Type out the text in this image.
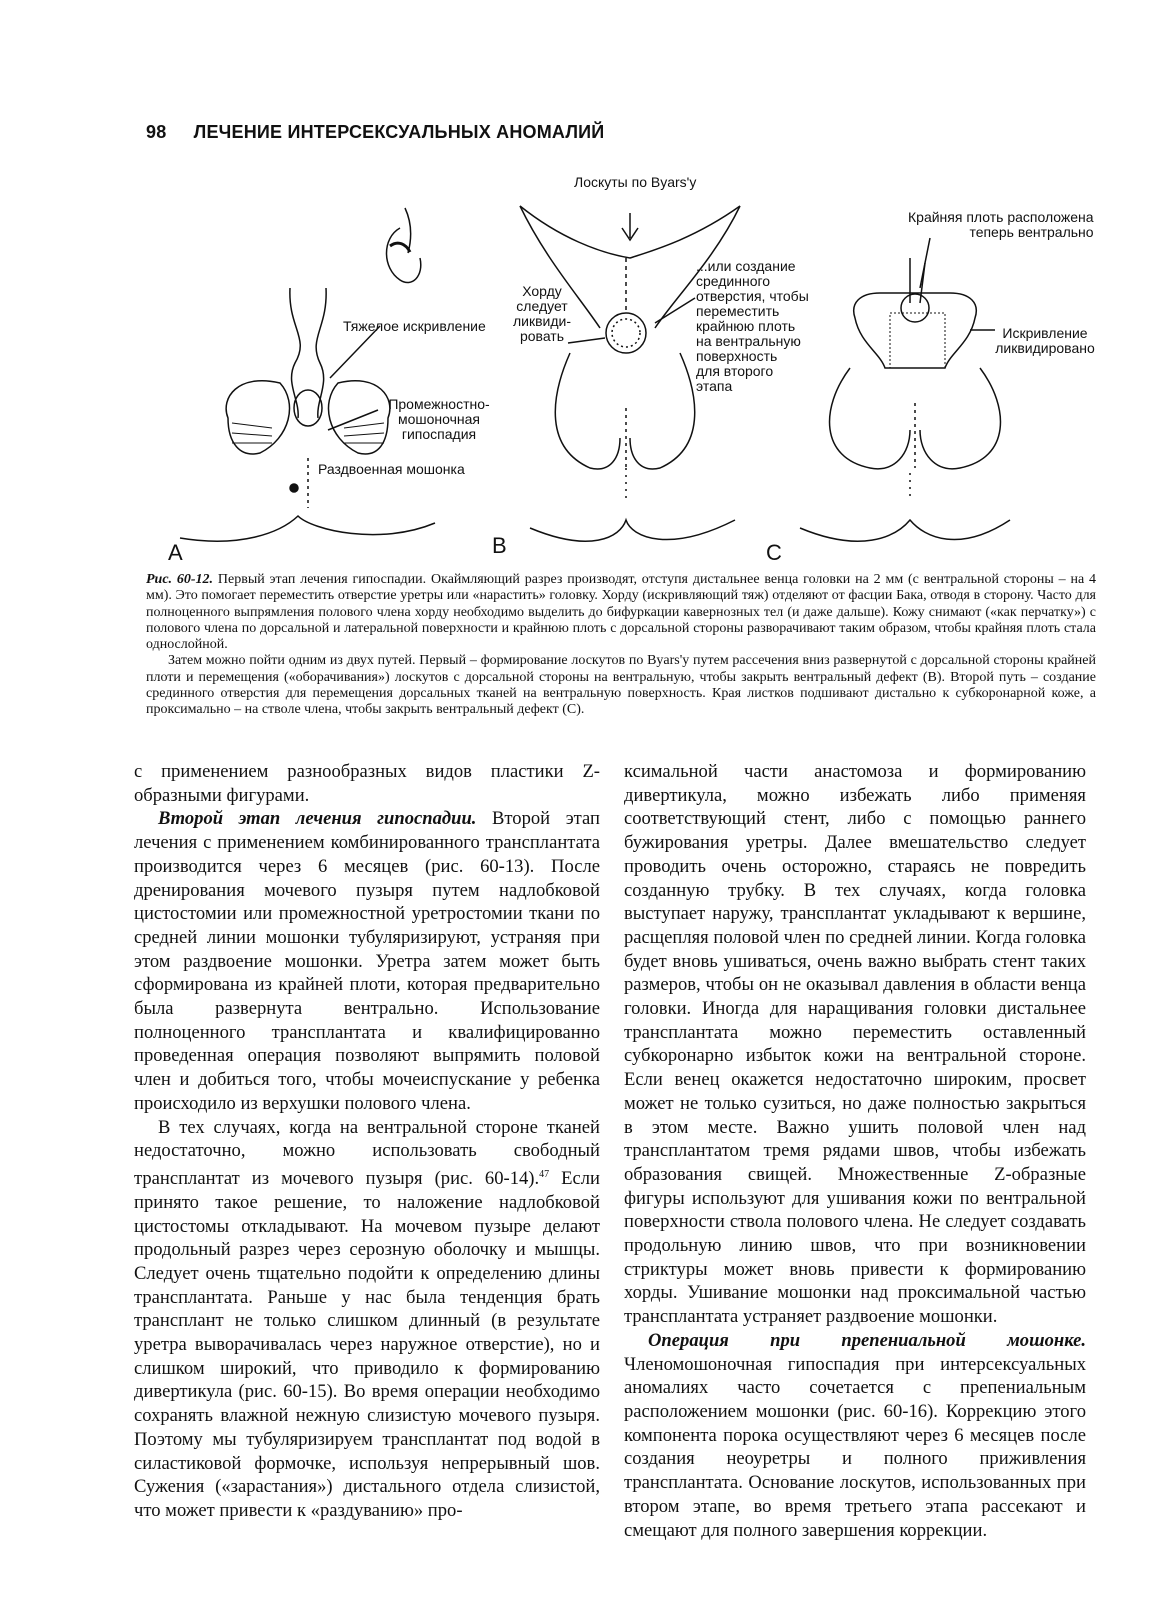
98 ЛЕЧЕНИЕ ИНТЕРСЕКСУАЛЬНЫХ АНОМАЛИЙ
A	B	C
Тяжелое искривление
Промежностно-
мошоночная
гипоспадия
Раздвоенная мошонка
Лоскуты по Byars'у
Хорду
следует
ликвиди-
ровать
...или создание
срединного
отверстия, чтобы
переместить
крайнюю плоть
на вентральную
поверхность
для второго
этапа
Крайняя плоть расположена
теперь вентрально
Искривление
ликвидировано

Рис. 60-12. Первый этап лечения гипоспадии. Окаймляющий разрез производят, отступя дистальнее венца головки на 2 мм (с вентральной стороны – на 4 мм). Это помогает переместить отверстие уретры или «нарастить» головку. Хорду (искривляющий тяж) отделяют от фасции Бака, отводя в сторону. Часто для полноценного выпрямления полового члена хорду необходимо выделить до бифуркации кавернозных тел (и даже дальше). Кожу снимают («как перчатку») с полового члена по дорсальной и латеральной поверхности и крайнюю плоть с дорсальной стороны разворачивают таким образом, чтобы крайняя плоть стала однослойной.

Затем можно пойти одним из двух путей. Первый – формирование лоскутов по Byars'у путем рассечения вниз развернутой с дорсальной стороны крайней плоти и перемещения («оборачивания») лоскутов с дорсальной стороны на вентральную, чтобы закрыть вентральный дефект (В). Второй путь – создание срединного отверстия для перемещения дорсальных тканей на вентральную поверхность. Края листков подшивают дистально к субкоронарной коже, а проксимально – на стволе члена, чтобы закрыть вентральный дефект (С).

с применением разнообразных видов пластики Z-образными фигурами.

Второй этап лечения гипоспадии. Второй этап лечения с применением комбинированного трансплантата производится через 6 месяцев (рис. 60-13). После дренирования мочевого пузыря путем надлобковой цистостомии или промежностной уретростомии ткани по средней линии мошонки тубуляризируют, устраняя при этом раздвоение мошонки. Уретра затем может быть сформирована из крайней плоти, которая предварительно была развернута вентрально. Использование полноценного трансплантата и квалифицированно проведенная операция позволяют выпрямить половой член и добиться того, чтобы мочеиспускание у ребенка происходило из верхушки полового члена.

В тех случаях, когда на вентральной стороне тканей недостаточно, можно использовать свободный трансплантат из мочевого пузыря (рис. 60-14).$^{47}$ Если принято такое решение, то наложение надлобковой цистостомы откладывают. На мочевом пузыре делают продольный разрез через серозную оболочку и мышцы. Следует очень тщательно подойти к определению длины трансплантата. Раньше у нас была тенденция брать трансплант не только слишком длинный (в результате уретра выворачивалась через наружное отверстие), но и слишком широкий, что приводило к формированию дивертикула (рис. 60-15). Во время операции необходимо сохранять влажной нежную слизистую мочевого пузыря. Поэтому мы тубуляризируем трансплантат под водой в силастиковой формочке, используя непрерывный шов. Сужения («зарастания») дистального отдела слизистой, что может привести к «раздуванию» про-

ксимальной части анастомоза и формированию дивертикула, можно избежать либо применяя соответствующий стент, либо с помощью раннего бужирования уретры. Далее вмешательство следует проводить очень осторожно, стараясь не повредить созданную трубку. В тех случаях, когда головка выступает наружу, трансплантат укладывают к вершине, расщепляя половой член по средней линии. Когда головка будет вновь ушиваться, очень важно выбрать стент таких размеров, чтобы он не оказывал давления в области венца головки. Иногда для наращивания головки дистальнее трансплантата можно переместить оставленный субкоронарно избыток кожи на вентральной стороне. Если венец окажется недостаточно широким, просвет может не только сузиться, но даже полностью закрыться в этом месте. Важно ушить половой член над трансплантатом тремя рядами швов, чтобы избежать образования свищей. Множественные Z-образные фигуры используют для ушивания кожи по вентральной поверхности ствола полового члена. Не следует создавать продольную линию швов, что при возникновении стриктуры может вновь привести к формированию хорды. Ушивание мошонки над проксимальной частью трансплантата устраняет раздвоение мошонки.

Операция при препениальной мошонке. Членомошоночная гипоспадия при интерсексуальных аномалиях часто сочетается с препениальным расположением мошонки (рис. 60-16). Коррекцию этого компонента порока осуществляют через 6 месяцев после создания неоуретры и полного приживления трансплантата. Основание лоскутов, использованных при втором этапе, во время третьего этапа рассекают и смещают для полного завершения коррекции.
